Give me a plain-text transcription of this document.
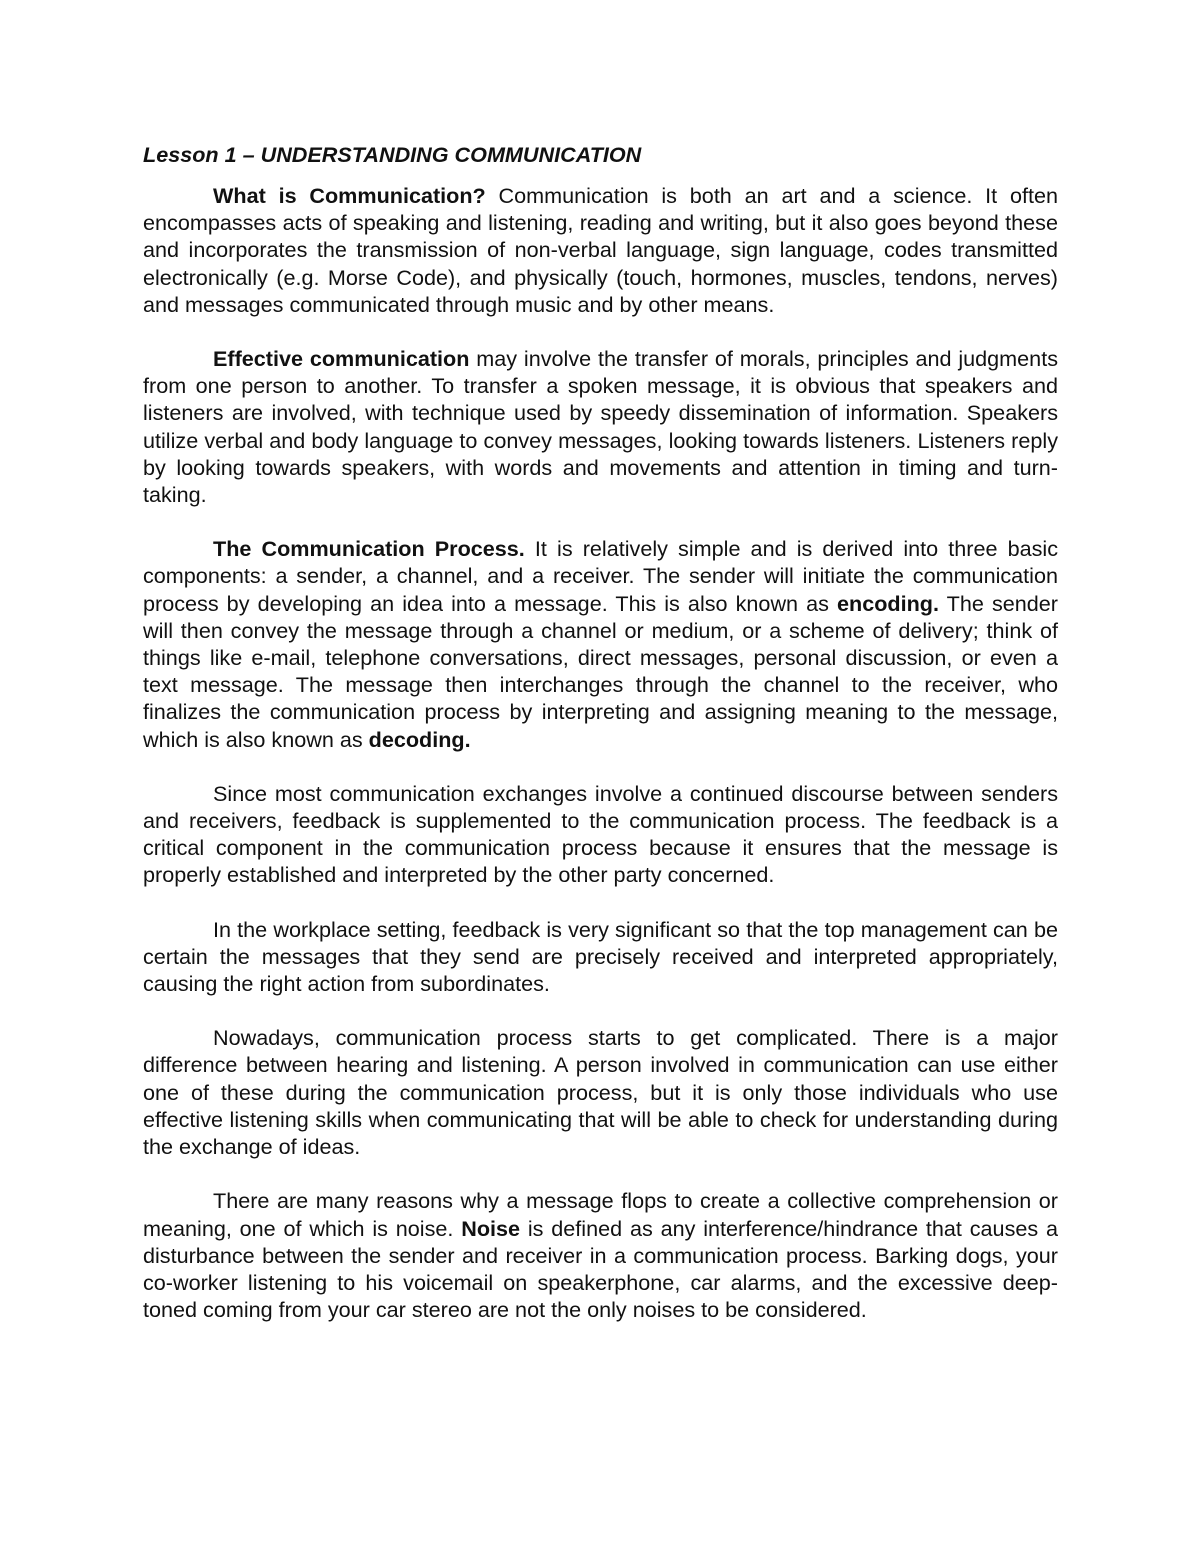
Lesson 1 – UNDERSTANDING COMMUNICATION

What is Communication? Communication is both an art and a science. It often encompasses acts of speaking and listening, reading and writing, but it also goes beyond these and incorporates the transmission of non-verbal language, sign language, codes transmitted electronically (e.g. Morse Code), and physically (touch, hormones, muscles, tendons, nerves) and messages communicated through music and by other means.

Effective communication may involve the transfer of morals, principles and judgments from one person to another. To transfer a spoken message, it is obvious that speakers and listeners are involved, with technique used by speedy dissemination of information. Speakers utilize verbal and body language to convey messages, looking towards listeners. Listeners reply by looking towards speakers, with words and movements and attention in timing and turn-taking.

The Communication Process. It is relatively simple and is derived into three basic components: a sender, a channel, and a receiver. The sender will initiate the communication process by developing an idea into a message. This is also known as encoding. The sender will then convey the message through a channel or medium, or a scheme of delivery; think of things like e-mail, telephone conversations, direct messages, personal discussion, or even a text message. The message then interchanges through the channel to the receiver, who finalizes the communication process by interpreting and assigning meaning to the message, which is also known as decoding.

Since most communication exchanges involve a continued discourse between senders and receivers, feedback is supplemented to the communication process. The feedback is a critical component in the communication process because it ensures that the message is properly established and interpreted by the other party concerned.

In the workplace setting, feedback is very significant so that the top management can be certain the messages that they send are precisely received and interpreted appropriately, causing the right action from subordinates.

Nowadays, communication process starts to get complicated. There is a major difference between hearing and listening. A person involved in communication can use either one of these during the communication process, but it is only those individuals who use effective listening skills when communicating that will be able to check for understanding during the exchange of ideas.

There are many reasons why a message flops to create a collective comprehension or meaning, one of which is noise. Noise is defined as any interference/hindrance that causes a disturbance between the sender and receiver in a communication process. Barking dogs, your co-worker listening to his voicemail on speakerphone, car alarms, and the excessive deep-toned coming from your car stereo are not the only noises to be considered.
